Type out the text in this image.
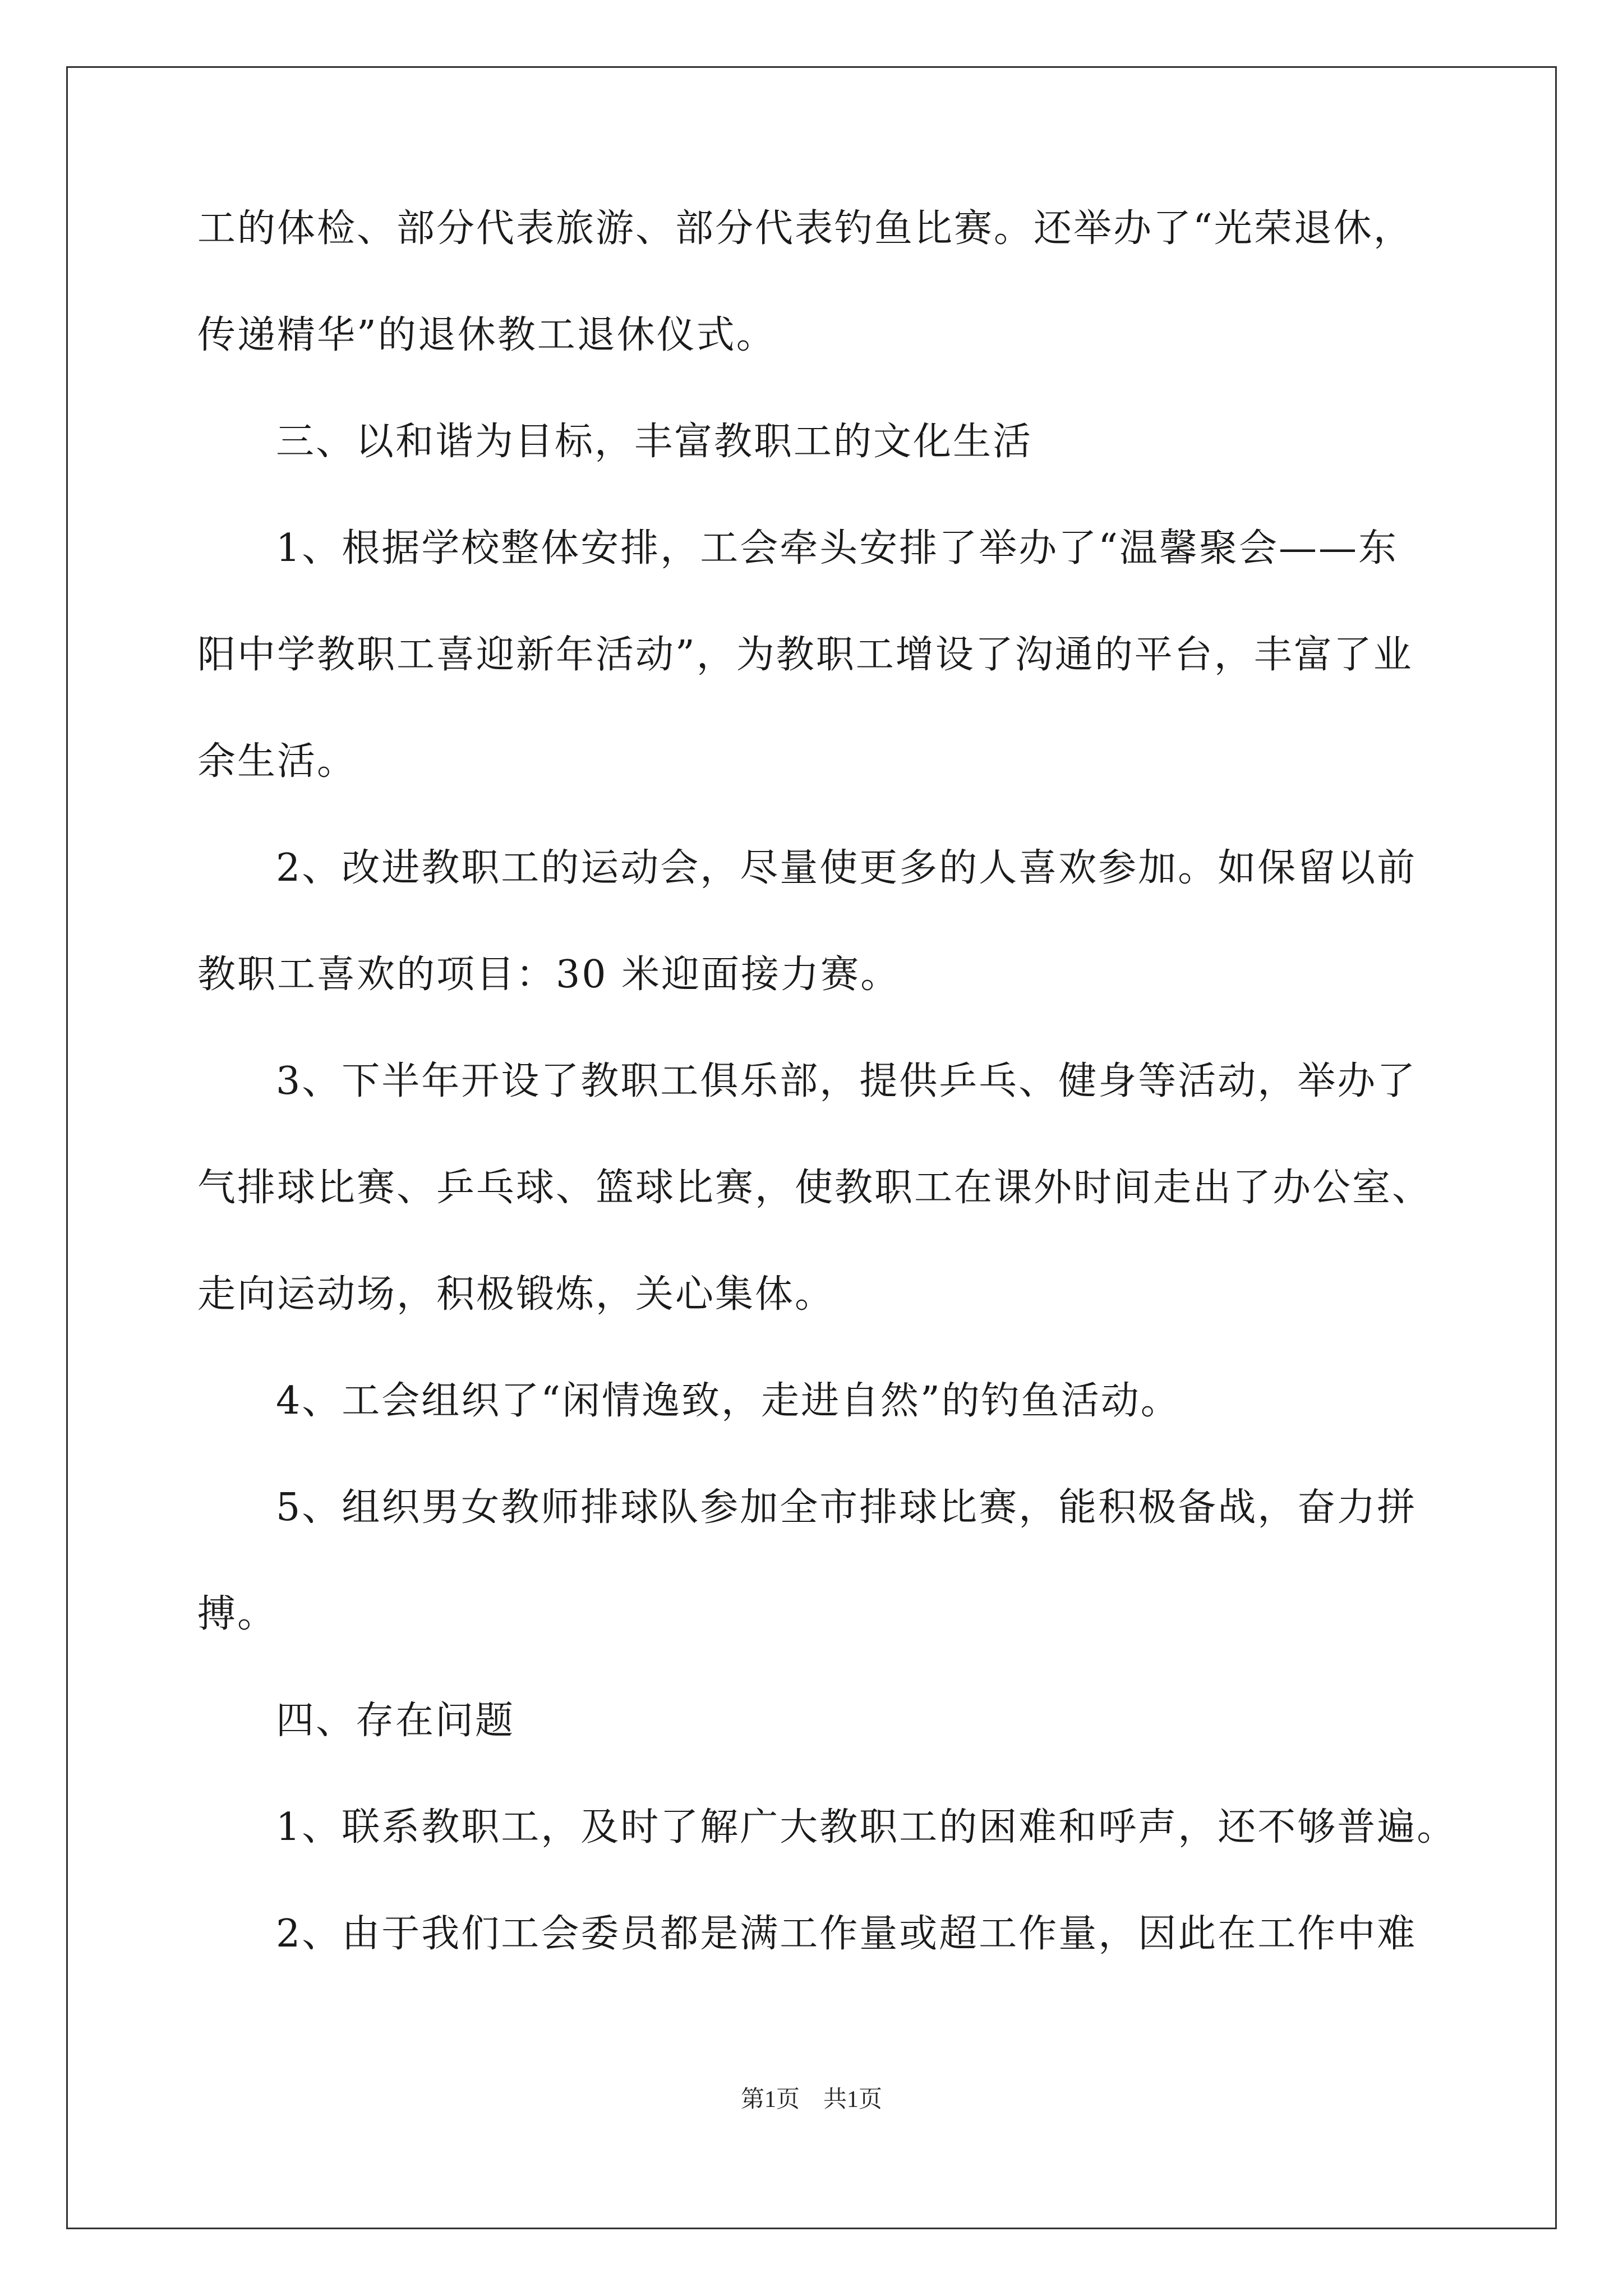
工的体检、部分代表旅游、部分代表钓鱼比赛。还举办了“光荣退休，
传递精华”的退休教工退休仪式。
三、以和谐为目标，丰富教职工的文化生活
1、根据学校整体安排，工会牵头安排了举办了“温馨聚会——东
阳中学教职工喜迎新年活动”，为教职工增设了沟通的平台，丰富了业
余生活。
2、改进教职工的运动会，尽量使更多的人喜欢参加。如保留以前
教职工喜欢的项目：30 米迎面接力赛。
3、下半年开设了教职工俱乐部，提供乒乓、健身等活动，举办了
气排球比赛、乒乓球、篮球比赛，使教职工在课外时间走出了办公室、
走向运动场，积极锻炼，关心集体。
4、工会组织了“闲情逸致，走进自然”的钓鱼活动。
5、组织男女教师排球队参加全市排球比赛，能积极备战，奋力拼
搏。
四、存在问题
1、联系教职工，及时了解广大教职工的困难和呼声，还不够普遍。
2、由于我们工会委员都是满工作量或超工作量，因此在工作中难
第1页　共1页
